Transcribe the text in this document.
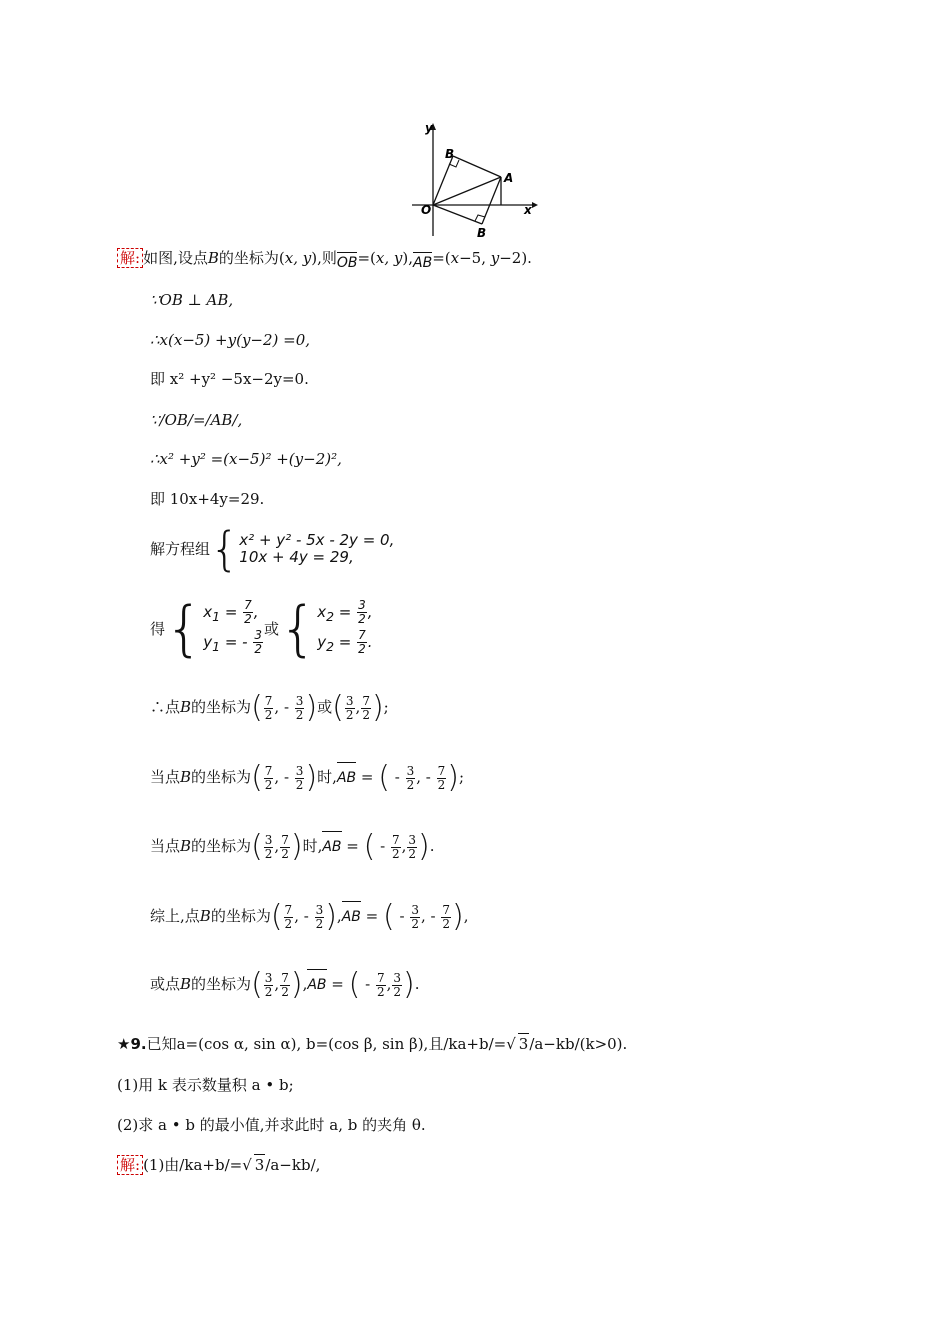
y
x
O
A
B
B
解: 如图,设点B的坐标为(x, y),则OB=(x, y),AB=(x−5, y−2).
∵OB ⊥ AB,
∴x(x−5) +y(y−2) =0,
即 x² +y² −5x−2y=0.
∵/OB/=/AB/,
∴x² +y² =(x−5)² +(y−2)²,
即 10x+4y=29.
解方程组{ x² + y² - 5x - 2y = 0,
10x + 4y = 29,
得{ $x_1 = \frac{7}{2}$ ,
$y_1$ = - $\frac{3}{2}$ 或{ $x_2 = \frac{3}{2}$ ,
$y_2 = \frac{7}{2}$ .
∴点B的坐标为( $\frac{7}{2}$ , - $\frac{3}{2}$ )或( $\frac{3}{2}$ , $\frac{7}{2}$ );
当点B的坐标为( $\frac{7}{2}$ , - $\frac{3}{2}$ )时,AB = ( - $\frac{3}{2}$ , - $\frac{7}{2}$ );
当点B的坐标为( $\frac{3}{2}$ , $\frac{7}{2}$ )时,AB = ( - $\frac{7}{2}$ , $\frac{3}{2}$ ).
综上,点B的坐标为( $\frac{7}{2}$ , - $\frac{3}{2} ),AB$ = ( - $\frac{3}{2}$ , - $\frac{7}{2}$ ),
或点B的坐标为( $\frac{3}{2}$ , $\frac{7}{2} ),AB$ = ( - $\frac{7}{2}$ , $\frac{3}{2}$ ).
★9.已知a=(cos α, sin α), b=(cos β, sin β),且/ka+b/=√ 3/a−kb/(k>0).
(1)用 k 表示数量积 a • b;
(2)求 a • b 的最小值,并求此时 a, b 的夹角 θ.
解: (1)由/ka+b/=√ 3/a−kb/,
